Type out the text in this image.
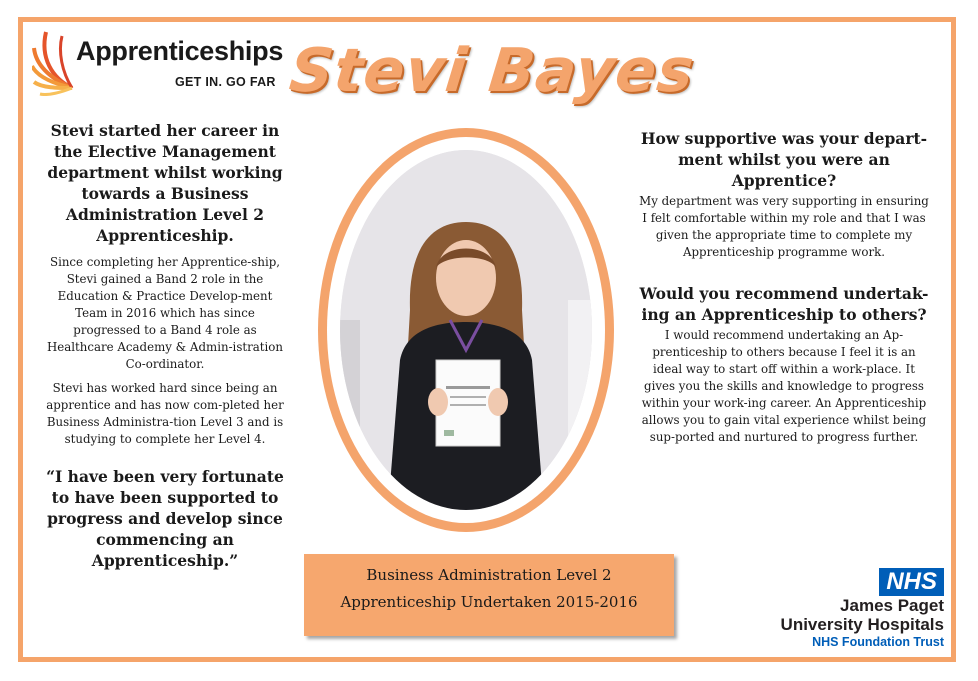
Apprenticeships
GET IN. GO FAR Stevi Bayes

Stevi started her career in the Elective Management department whilst working towards a Business Administration Level 2 Apprenticeship.

Since completing her Apprentice-ship, Stevi gained a Band 2 role in the Education & Practice Develop-ment Team in 2016 which has since progressed to a Band 4 role as Healthcare Academy & Admin-istration Co-ordinator.

Stevi has worked hard since being an apprentice and has now com-pleted her Business Administra-tion Level 3 and is studying to complete her Level 4.

“I have been very fortunate to have been supported to progress and develop since commencing an Apprenticeship.”

Business Administration Level 2
Apprenticeship Undertaken 2015-2016

How supportive was your depart-ment whilst you were an Apprentice?

My department was very supporting in ensuring I felt comfortable within my role and that I was given the appropriate time to complete my Apprenticeship programme work.

Would you recommend undertak-ing an Apprenticeship to others?

I would recommend undertaking an Ap-prenticeship to others because I feel it is an ideal way to start off within a work-place. It gives you the skills and knowledge to progress within your work-ing career. An Apprenticeship allows you to gain vital experience whilst being sup-ported and nurtured to progress further.

NHS
James Paget
University Hospitals
NHS Foundation Trust
